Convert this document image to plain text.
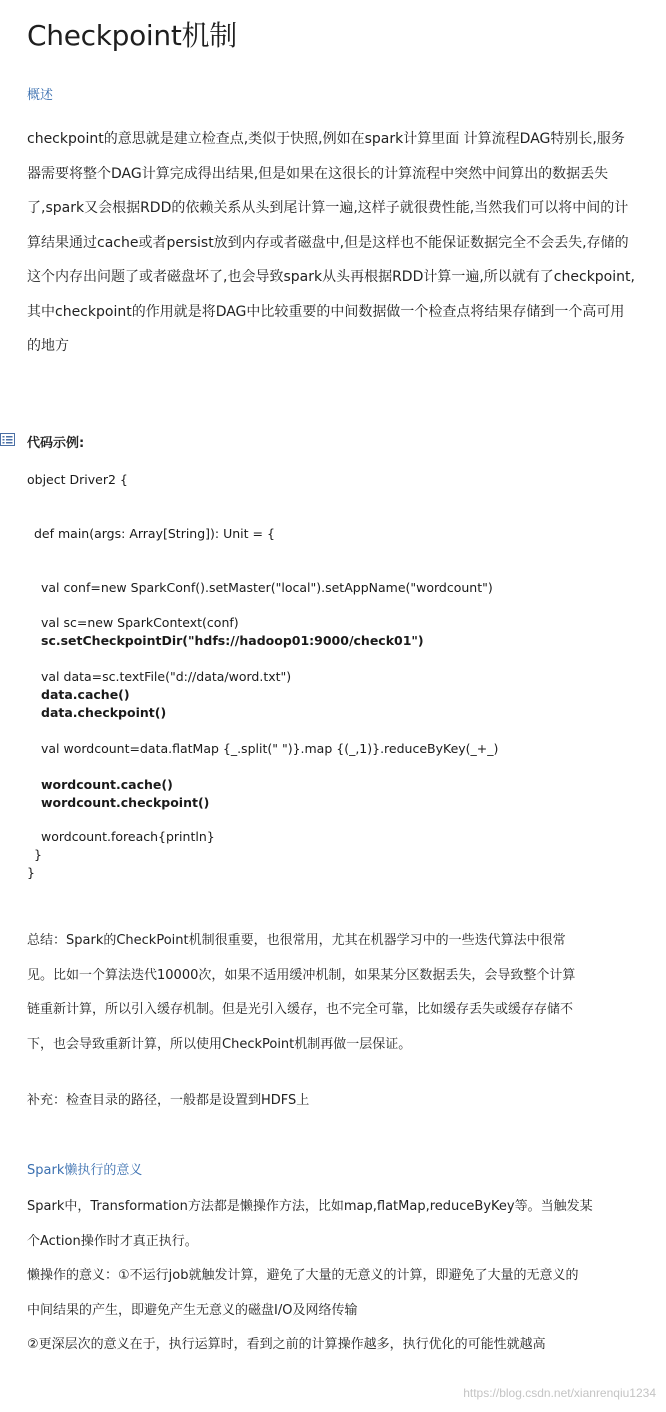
Checkpoint机制
概述
checkpoint的意思就是建立检查点,类似于快照,例如在spark计算里面 计算流程DAG特别长,服务
器需要将整个DAG计算完成得出结果,但是如果在这很长的计算流程中突然中间算出的数据丢失
了,spark又会根据RDD的依赖关系从头到尾计算一遍,这样子就很费性能,当然我们可以将中间的计
算结果通过cache或者persist放到内存或者磁盘中,但是这样也不能保证数据完全不会丢失,存储的
这个内存出问题了或者磁盘坏了,也会导致spark从头再根据RDD计算一遍,所以就有了checkpoint,
其中checkpoint的作用就是将DAG中比较重要的中间数据做一个检查点将结果存储到一个高可用
的地方
代码示例:
object Driver2 {
def main(args: Array[String]): Unit = {
val conf=new SparkConf().setMaster("local").setAppName("wordcount")
val sc=new SparkContext(conf)
sc.setCheckpointDir("hdfs://hadoop01:9000/check01")
val data=sc.textFile("d://data/word.txt")
data.cache()
data.checkpoint()
val wordcount=data.flatMap {_.split(" ")}.map {(_,1)}.reduceByKey(_+_)
wordcount.cache()
wordcount.checkpoint()
wordcount.foreach{println}
}
}
总结：Spark的CheckPoint机制很重要，也很常用，尤其在机器学习中的一些迭代算法中很常
见。比如一个算法迭代10000次，如果不适用缓冲机制，如果某分区数据丢失，会导致整个计算
链重新计算，所以引入缓存机制。但是光引入缓存，也不完全可靠，比如缓存丢失或缓存存储不
下，也会导致重新计算，所以使用CheckPoint机制再做一层保证。
补充：检查目录的路径，一般都是设置到HDFS上
Spark懒执行的意义
Spark中，Transformation方法都是懒操作方法，比如map,flatMap,reduceByKey等。当触发某
个Action操作时才真正执行。
懒操作的意义：①不运行job就触发计算，避免了大量的无意义的计算，即避免了大量的无意义的
中间结果的产生，即避免产生无意义的磁盘I/O及网络传输
②更深层次的意义在于，执行运算时，看到之前的计算操作越多，执行优化的可能性就越高
https://blog.csdn.net/xianrenqiu1234
